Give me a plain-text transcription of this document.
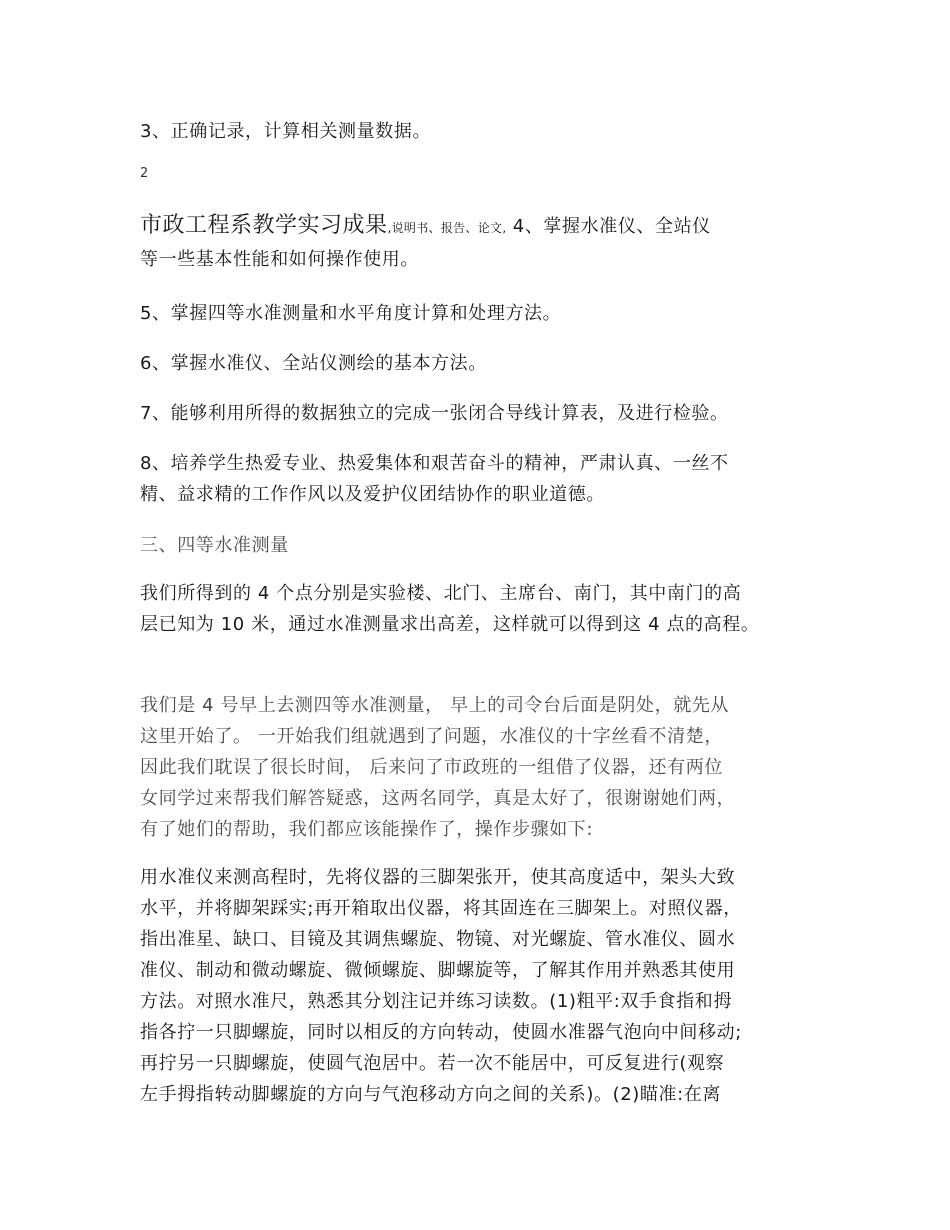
3、正确记录，计算相关测量数据。
2
市政工程系教学实习成果,说明书、报告、论文, 4、掌握水准仪、全站仪
等一些基本性能和如何操作使用。
5、掌握四等水准测量和水平角度计算和处理方法。
6、掌握水准仪、全站仪测绘的基本方法。
7、能够利用所得的数据独立的完成一张闭合导线计算表，及进行检验。
8、培养学生热爱专业、热爱集体和艰苦奋斗的精神，严肃认真、一丝不
精、益求精的工作作风以及爱护仪团结协作的职业道德。
三、四等水准测量
我们所得到的 4 个点分别是实验楼、北门、主席台、南门，其中南门的高
层已知为 10 米，通过水准测量求出高差，这样就可以得到这 4 点的高程。
我们是 4 号早上去测四等水准测量， 早上的司令台后面是阴处，就先从
这里开始了。 一开始我们组就遇到了问题，水准仪的十字丝看不清楚，
因此我们耽误了很长时间， 后来问了市政班的一组借了仪器，还有两位
女同学过来帮我们解答疑惑，这两名同学，真是太好了，很谢谢她们两，
有了她们的帮助，我们都应该能操作了，操作步骤如下:
用水准仪来测高程时，先将仪器的三脚架张开，使其高度适中，架头大致
水平，并将脚架踩实;再开箱取出仪器，将其固连在三脚架上。对照仪器，
指出准星、缺口、目镜及其调焦螺旋、物镜、对光螺旋、管水准仪、圆水
准仪、制动和微动螺旋、微倾螺旋、脚螺旋等，了解其作用并熟悉其使用
方法。对照水准尺，熟悉其分划注记并练习读数。(1)粗平:双手食指和拇
指各拧一只脚螺旋，同时以相反的方向转动，使圆水准器气泡向中间移动;
再拧另一只脚螺旋，使圆气泡居中。若一次不能居中，可反复进行(观察
左手拇指转动脚螺旋的方向与气泡移动方向之间的关系)。(2)瞄准:在离
